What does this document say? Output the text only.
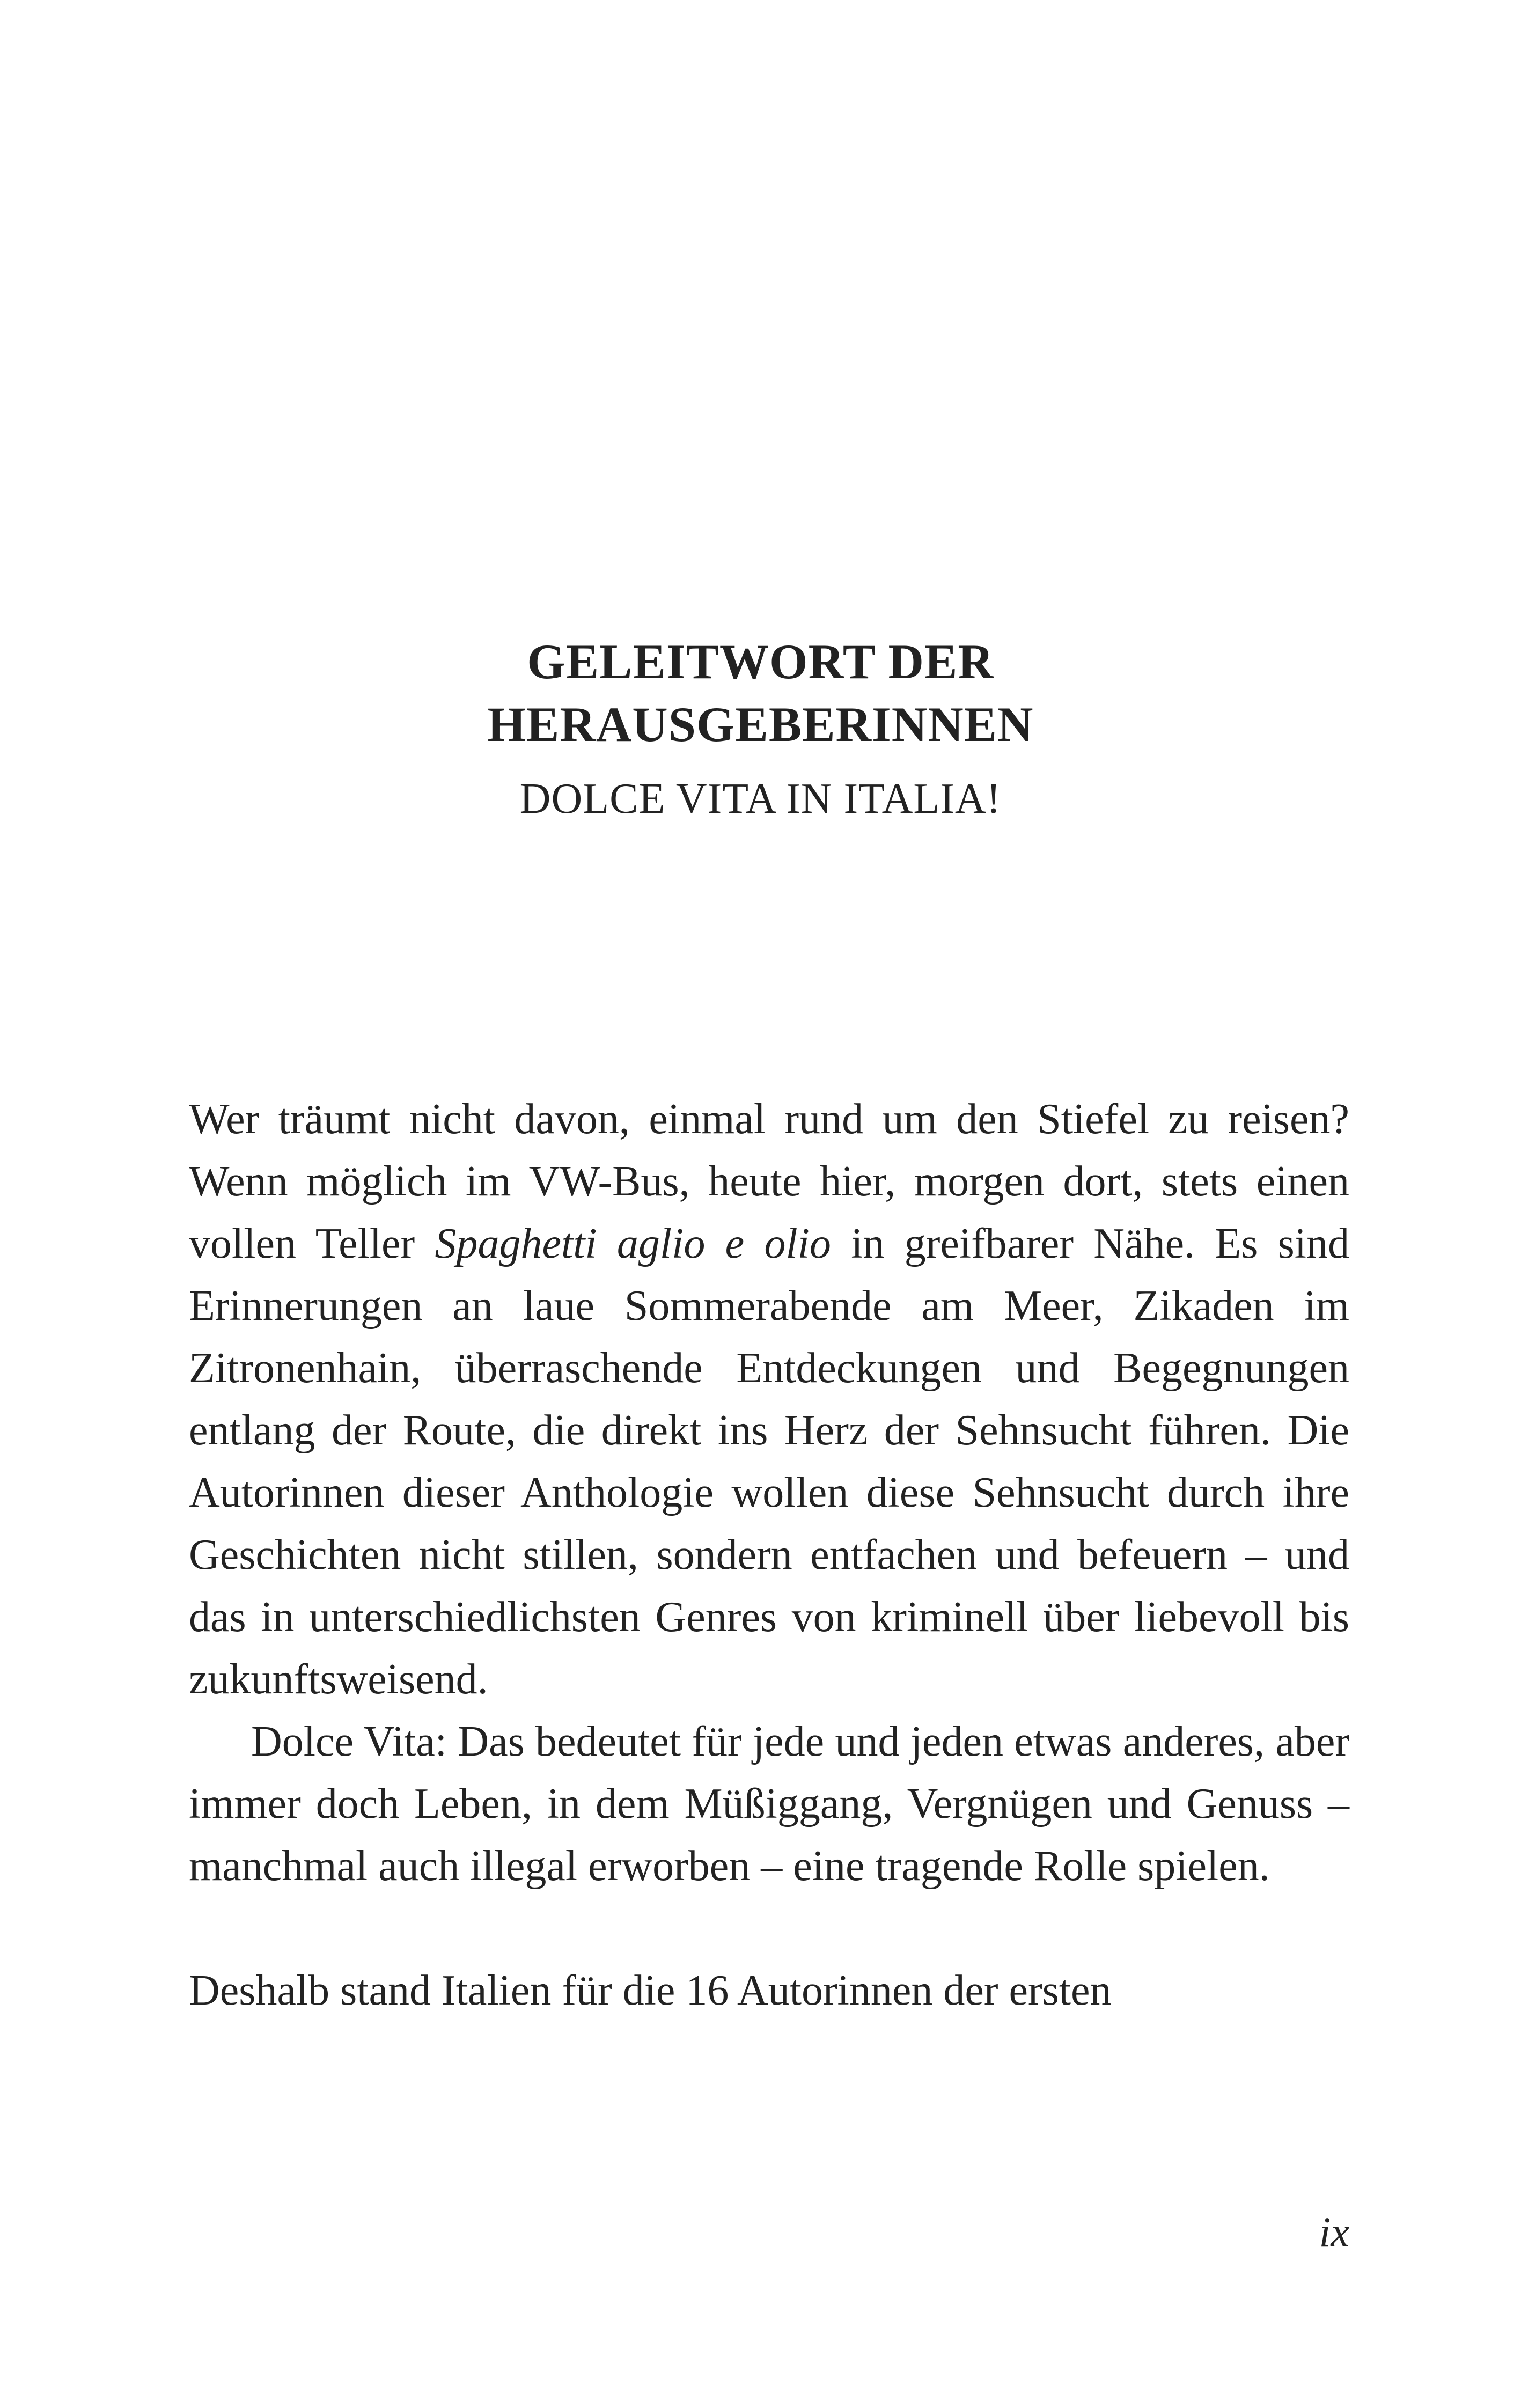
GELEITWORT DER
HERAUSGEBERINNEN

DOLCE VITA IN ITALIA!

Wer träumt nicht davon, einmal rund um den Stiefel zu reisen? Wenn möglich im VW-Bus, heute hier, morgen dort, stets einen vollen Teller Spaghetti aglio e olio in greifbarer Nähe. Es sind Erinnerungen an laue Sommerabende am Meer, Zikaden im Zitronenhain, überraschende Entdeckungen und Begegnungen entlang der Route, die direkt ins Herz der Sehnsucht führen. Die Autorinnen dieser Anthologie wollen diese Sehnsucht durch ihre Geschichten nicht stillen, sondern entfachen und befeuern – und das in unterschiedlichsten Genres von kriminell über liebevoll bis zukunftsweisend.

Dolce Vita: Das bedeutet für jede und jeden etwas anderes, aber immer doch Leben, in dem Müßiggang, Vergnügen und Genuss – manchmal auch illegal erworben – eine tragende Rolle spielen.

Deshalb stand Italien für die 16 Autorinnen der ersten

ix
